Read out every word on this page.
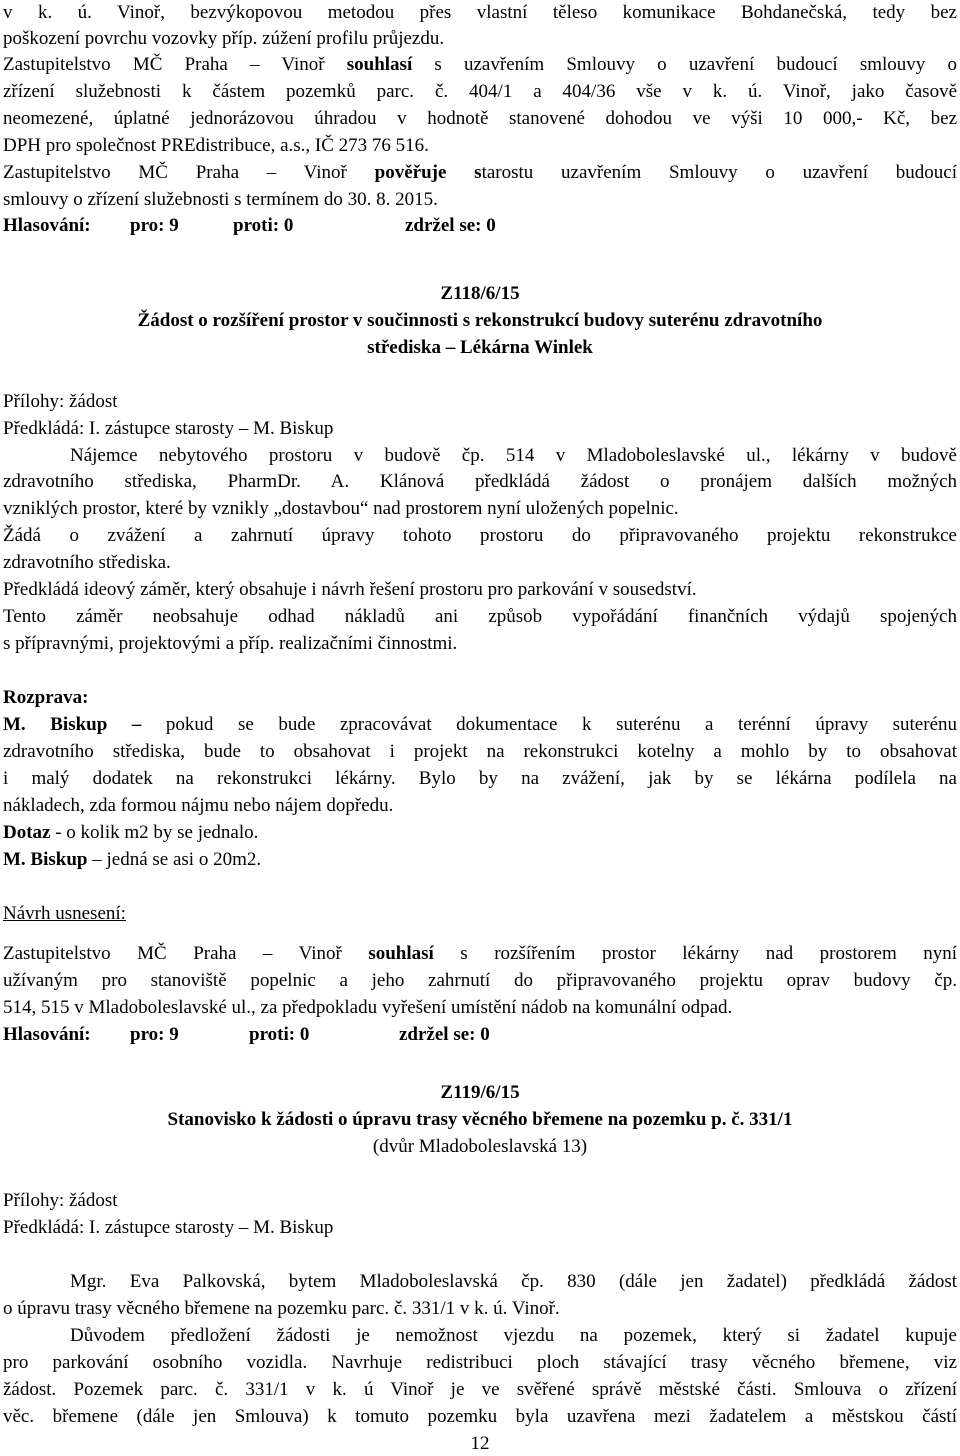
v k. ú. Vinoř, bezvýkopovou metodou přes vlastní těleso komunikace Bohdanečská, tedy bez
poškození povrchu vozovky příp. zúžení profilu průjezdu.
Zastupitelstvo MČ Praha – Vinoř souhlasí s uzavřením Smlouvy o uzavření budoucí smlouvy o
zřízení služebnosti k částem pozemků parc. č. 404/1 a 404/36 vše v k. ú. Vinoř, jako časově
neomezené, úplatné jednorázovou úhradou v hodnotě stanovené dohodou ve výši 10 000,- Kč, bez
DPH pro společnost PREdistribuce, a.s., IČ 273 76 516.
Zastupitelstvo MČ Praha – Vinoř pověřuje starostu uzavřením Smlouvy o uzavření budoucí
smlouvy o zřízení služebnosti s termínem do 30. 8. 2015.
Hlasování: pro: 9	proti: 0	zdržel se: 0
Z118/6/15
Žádost o rozšíření prostor v součinnosti s rekonstrukcí budovy suterénu zdravotního
střediska – Lékárna Winlek
Přílohy: žádost
Předkládá: I. zástupce starosty – M. Biskup
Nájemce nebytového prostoru v budově čp. 514 v Mladoboleslavské ul., lékárny v budově
zdravotního střediska, PharmDr. A. Klánová předkládá žádost o pronájem dalších možných
vzniklých prostor, které by vznikly „dostavbou“ nad prostorem nyní uložených popelnic.
Žádá o zvážení a zahrnutí úpravy tohoto prostoru do připravovaného projektu rekonstrukce
zdravotního střediska.
Předkládá ideový záměr, který obsahuje i návrh řešení prostoru pro parkování v sousedství.
Tento záměr neobsahuje odhad nákladů ani způsob vypořádání finančních výdajů spojených
s přípravnými, projektovými a příp. realizačními činnostmi.
Rozprava:
M. Biskup – pokud se bude zpracovávat dokumentace k suterénu a terénní úpravy suterénu
zdravotního střediska, bude to obsahovat i projekt na rekonstrukci kotelny a mohlo by to obsahovat
i malý dodatek na rekonstrukci lékárny. Bylo by na zvážení, jak by se lékárna podílela na
nákladech, zda formou nájmu nebo nájem dopředu.
Dotaz - o kolik m2 by se jednalo.
M. Biskup – jedná se asi o 20m2.
Návrh usnesení:
Zastupitelstvo MČ Praha – Vinoř souhlasí s rozšířením prostor lékárny nad prostorem nyní
užívaným pro stanoviště popelnic a jeho zahrnutí do připravovaného projektu oprav budovy čp.
514, 515 v Mladoboleslavské ul., za předpokladu vyřešení umístění nádob na komunální odpad.
Hlasování: pro: 9	proti: 0	zdržel se: 0
Z119/6/15
Stanovisko k žádosti o úpravu trasy věcného břemene na pozemku p. č. 331/1
(dvůr Mladoboleslavská 13)
Přílohy: žádost
Předkládá: I. zástupce starosty – M. Biskup
Mgr. Eva Palkovská, bytem Mladoboleslavská čp. 830 (dále jen žadatel) předkládá žádost
o úpravu trasy věcného břemene na pozemku parc. č. 331/1 v k. ú. Vinoř.
Důvodem předložení žádosti je nemožnost vjezdu na pozemek, který si žadatel kupuje
pro parkování osobního vozidla. Navrhuje redistribuci ploch stávající trasy věcného břemene, viz
žádost. Pozemek parc. č. 331/1 v k. ú Vinoř je ve svěřené správě městské části. Smlouva o zřízení
věc. břemene (dále jen Smlouva) k tomuto pozemku byla uzavřena mezi žadatelem a městskou částí
12
